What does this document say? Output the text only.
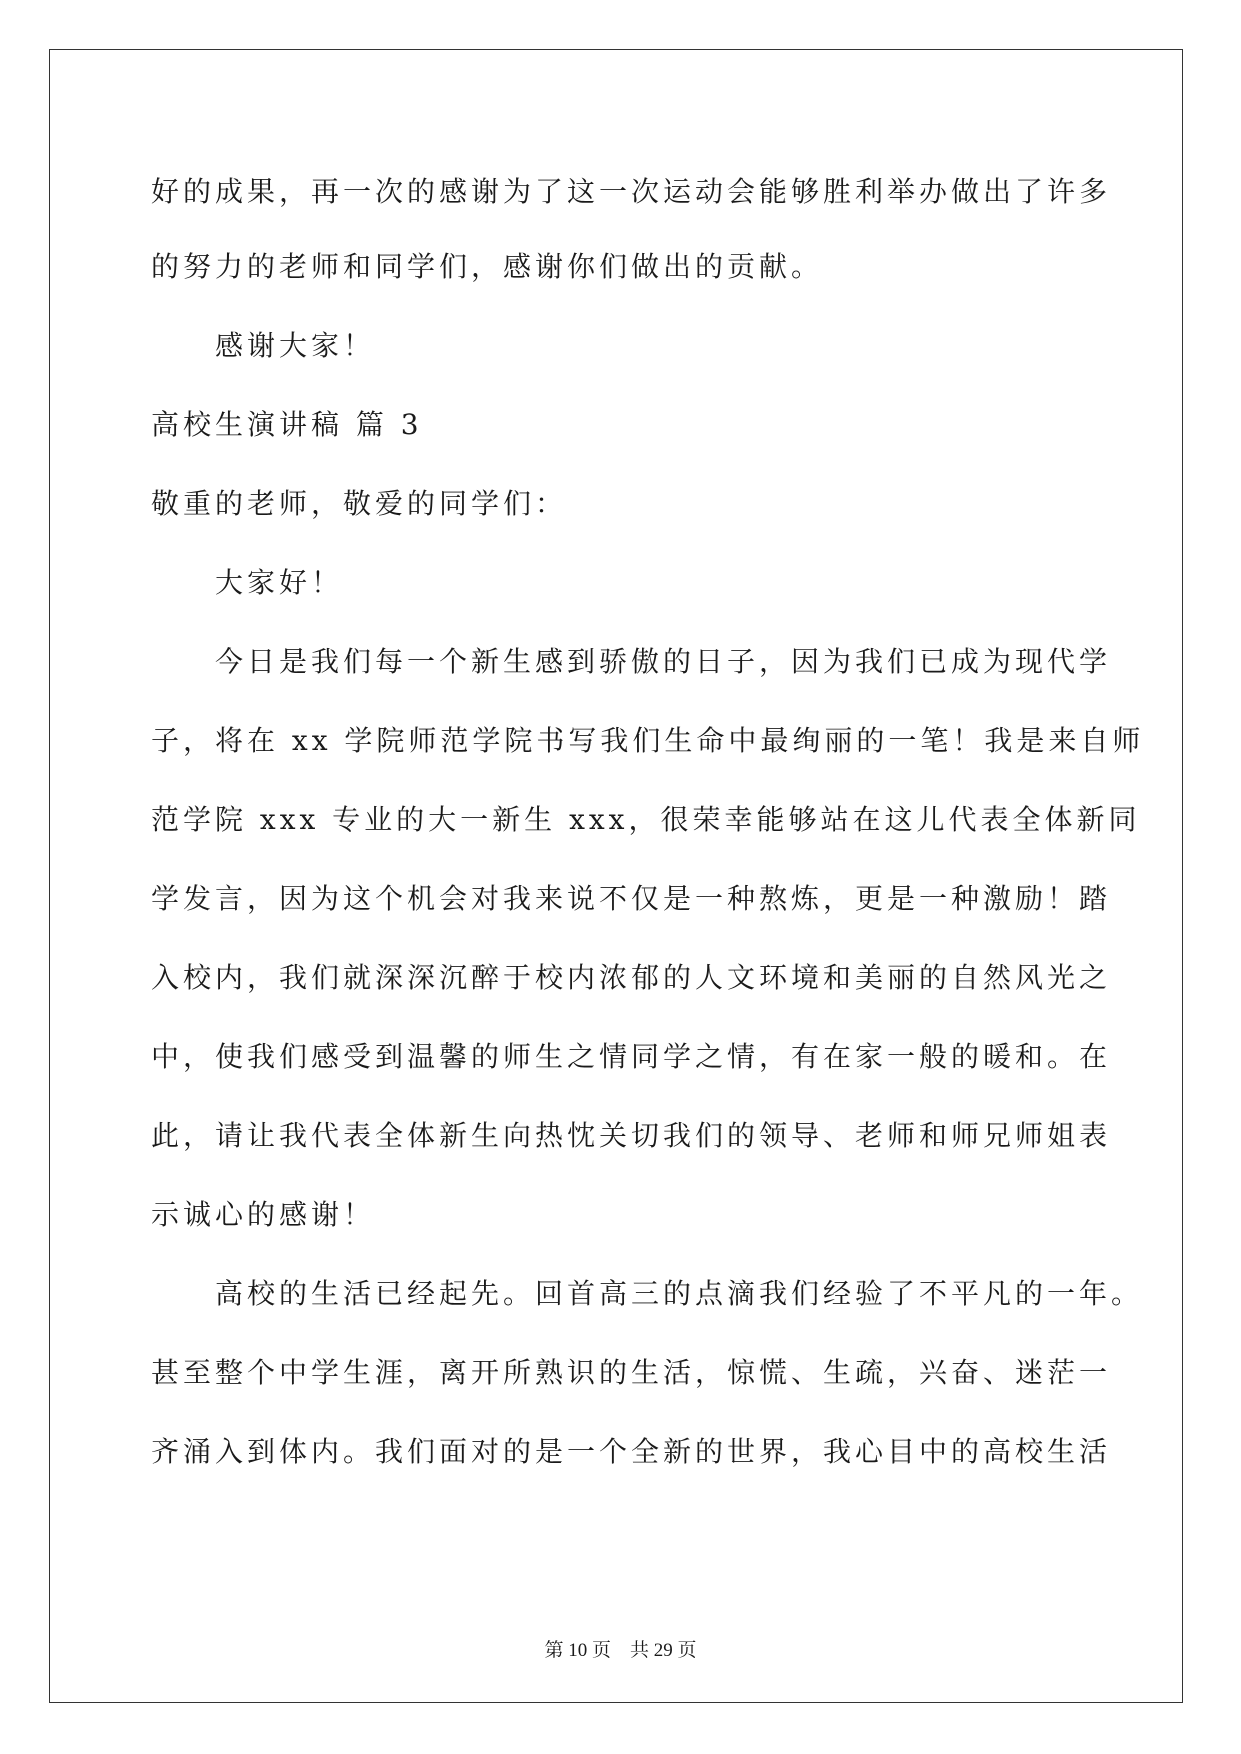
好的成果，再一次的感谢为了这一次运动会能够胜利举办做出了许多
的努力的老师和同学们，感谢你们做出的贡献。
感谢大家！
高校生演讲稿 篇 3
敬重的老师，敬爱的同学们：
大家好！
今日是我们每一个新生感到骄傲的日子，因为我们已成为现代学
子，将在 xx 学院师范学院书写我们生命中最绚丽的一笔！我是来自师
范学院 xxx 专业的大一新生 xxx，很荣幸能够站在这儿代表全体新同
学发言，因为这个机会对我来说不仅是一种熬炼，更是一种激励！踏
入校内，我们就深深沉醉于校内浓郁的人文环境和美丽的自然风光之
中，使我们感受到温馨的师生之情同学之情，有在家一般的暖和。在
此，请让我代表全体新生向热忱关切我们的领导、老师和师兄师姐表
示诚心的感谢！
高校的生活已经起先。回首高三的点滴我们经验了不平凡的一年。
甚至整个中学生涯，离开所熟识的生活，惊慌、生疏，兴奋、迷茫一
齐涌入到体内。我们面对的是一个全新的世界，我心目中的高校生活
第 10 页　共 29 页
